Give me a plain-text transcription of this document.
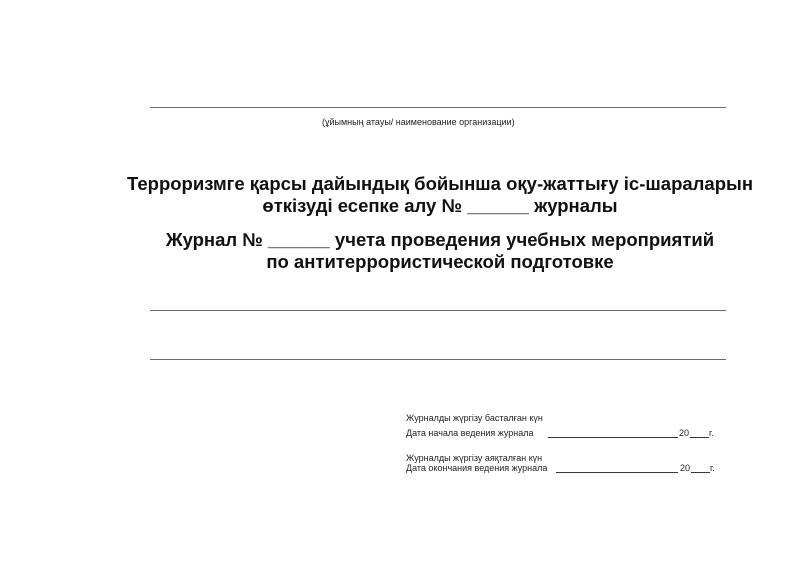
(ұйымның атауы/ наименование организации)
Терроризмге қарсы дайындық бойынша оқу-жаттығу іс-шараларын
өткізуді есепке алу № ______ журналы
Журнал № ______ учета проведения учебных мероприятий
по антитеррористической подготовке
Журналды жүргізу басталған күн
Дата начала ведения журнала	20 г.
Журналды жүргізу аяқталған күн
Дата окончания ведения журнала	20 г.
